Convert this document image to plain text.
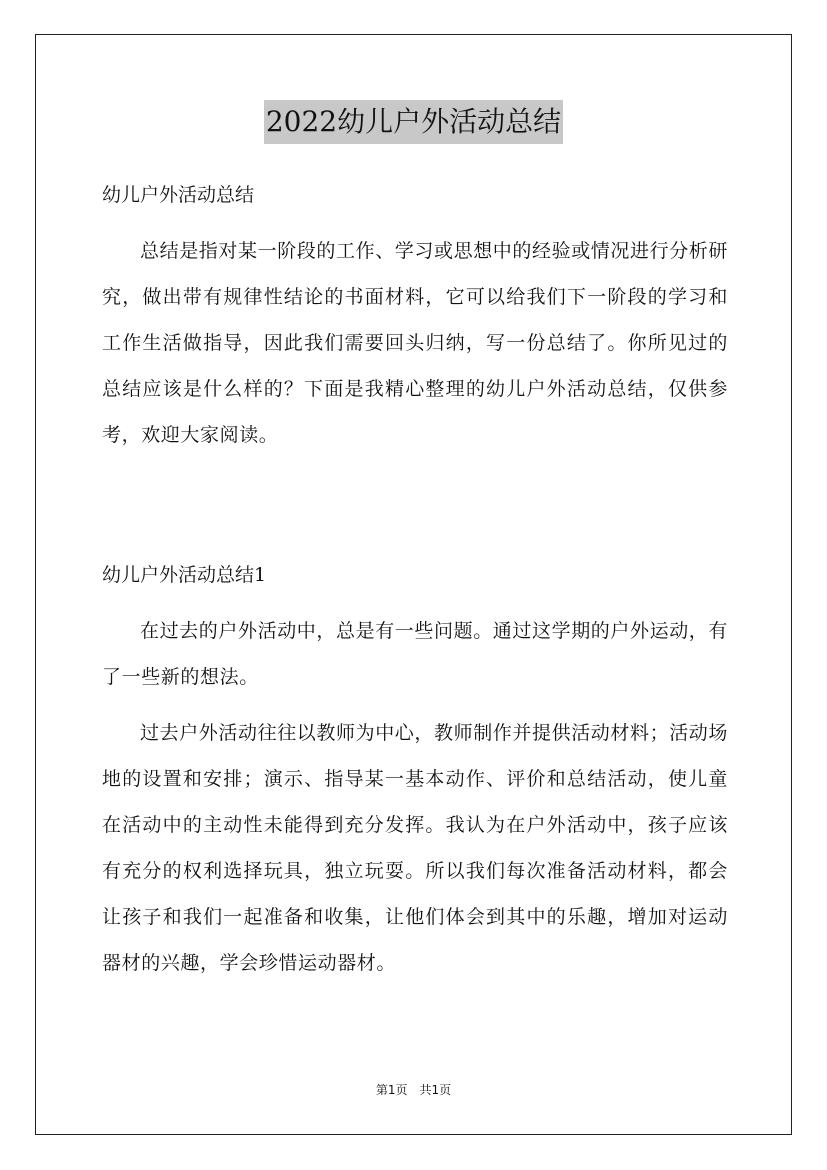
2022幼儿户外活动总结
幼儿户外活动总结

总结是指对某一阶段的工作、学习或思想中的经验或情况进行分析研究，做出带有规律性结论的书面材料，它可以给我们下一阶段的学习和工作生活做指导，因此我们需要回头归纳，写一份总结了。你所见过的总结应该是什么样的？下面是我精心整理的幼儿户外活动总结，仅供参考，欢迎大家阅读。

幼儿户外活动总结1

在过去的户外活动中，总是有一些问题。通过这学期的户外运动，有了一些新的想法。

过去户外活动往往以教师为中心，教师制作并提供活动材料；活动场地的设置和安排；演示、指导某一基本动作、评价和总结活动，使儿童在活动中的主动性未能得到充分发挥。我认为在户外活动中，孩子应该有充分的权利选择玩具，独立玩耍。所以我们每次准备活动材料，都会让孩子和我们一起准备和收集，让他们体会到其中的乐趣，增加对运动器材的兴趣，学会珍惜运动器材。

第1页 共1页
